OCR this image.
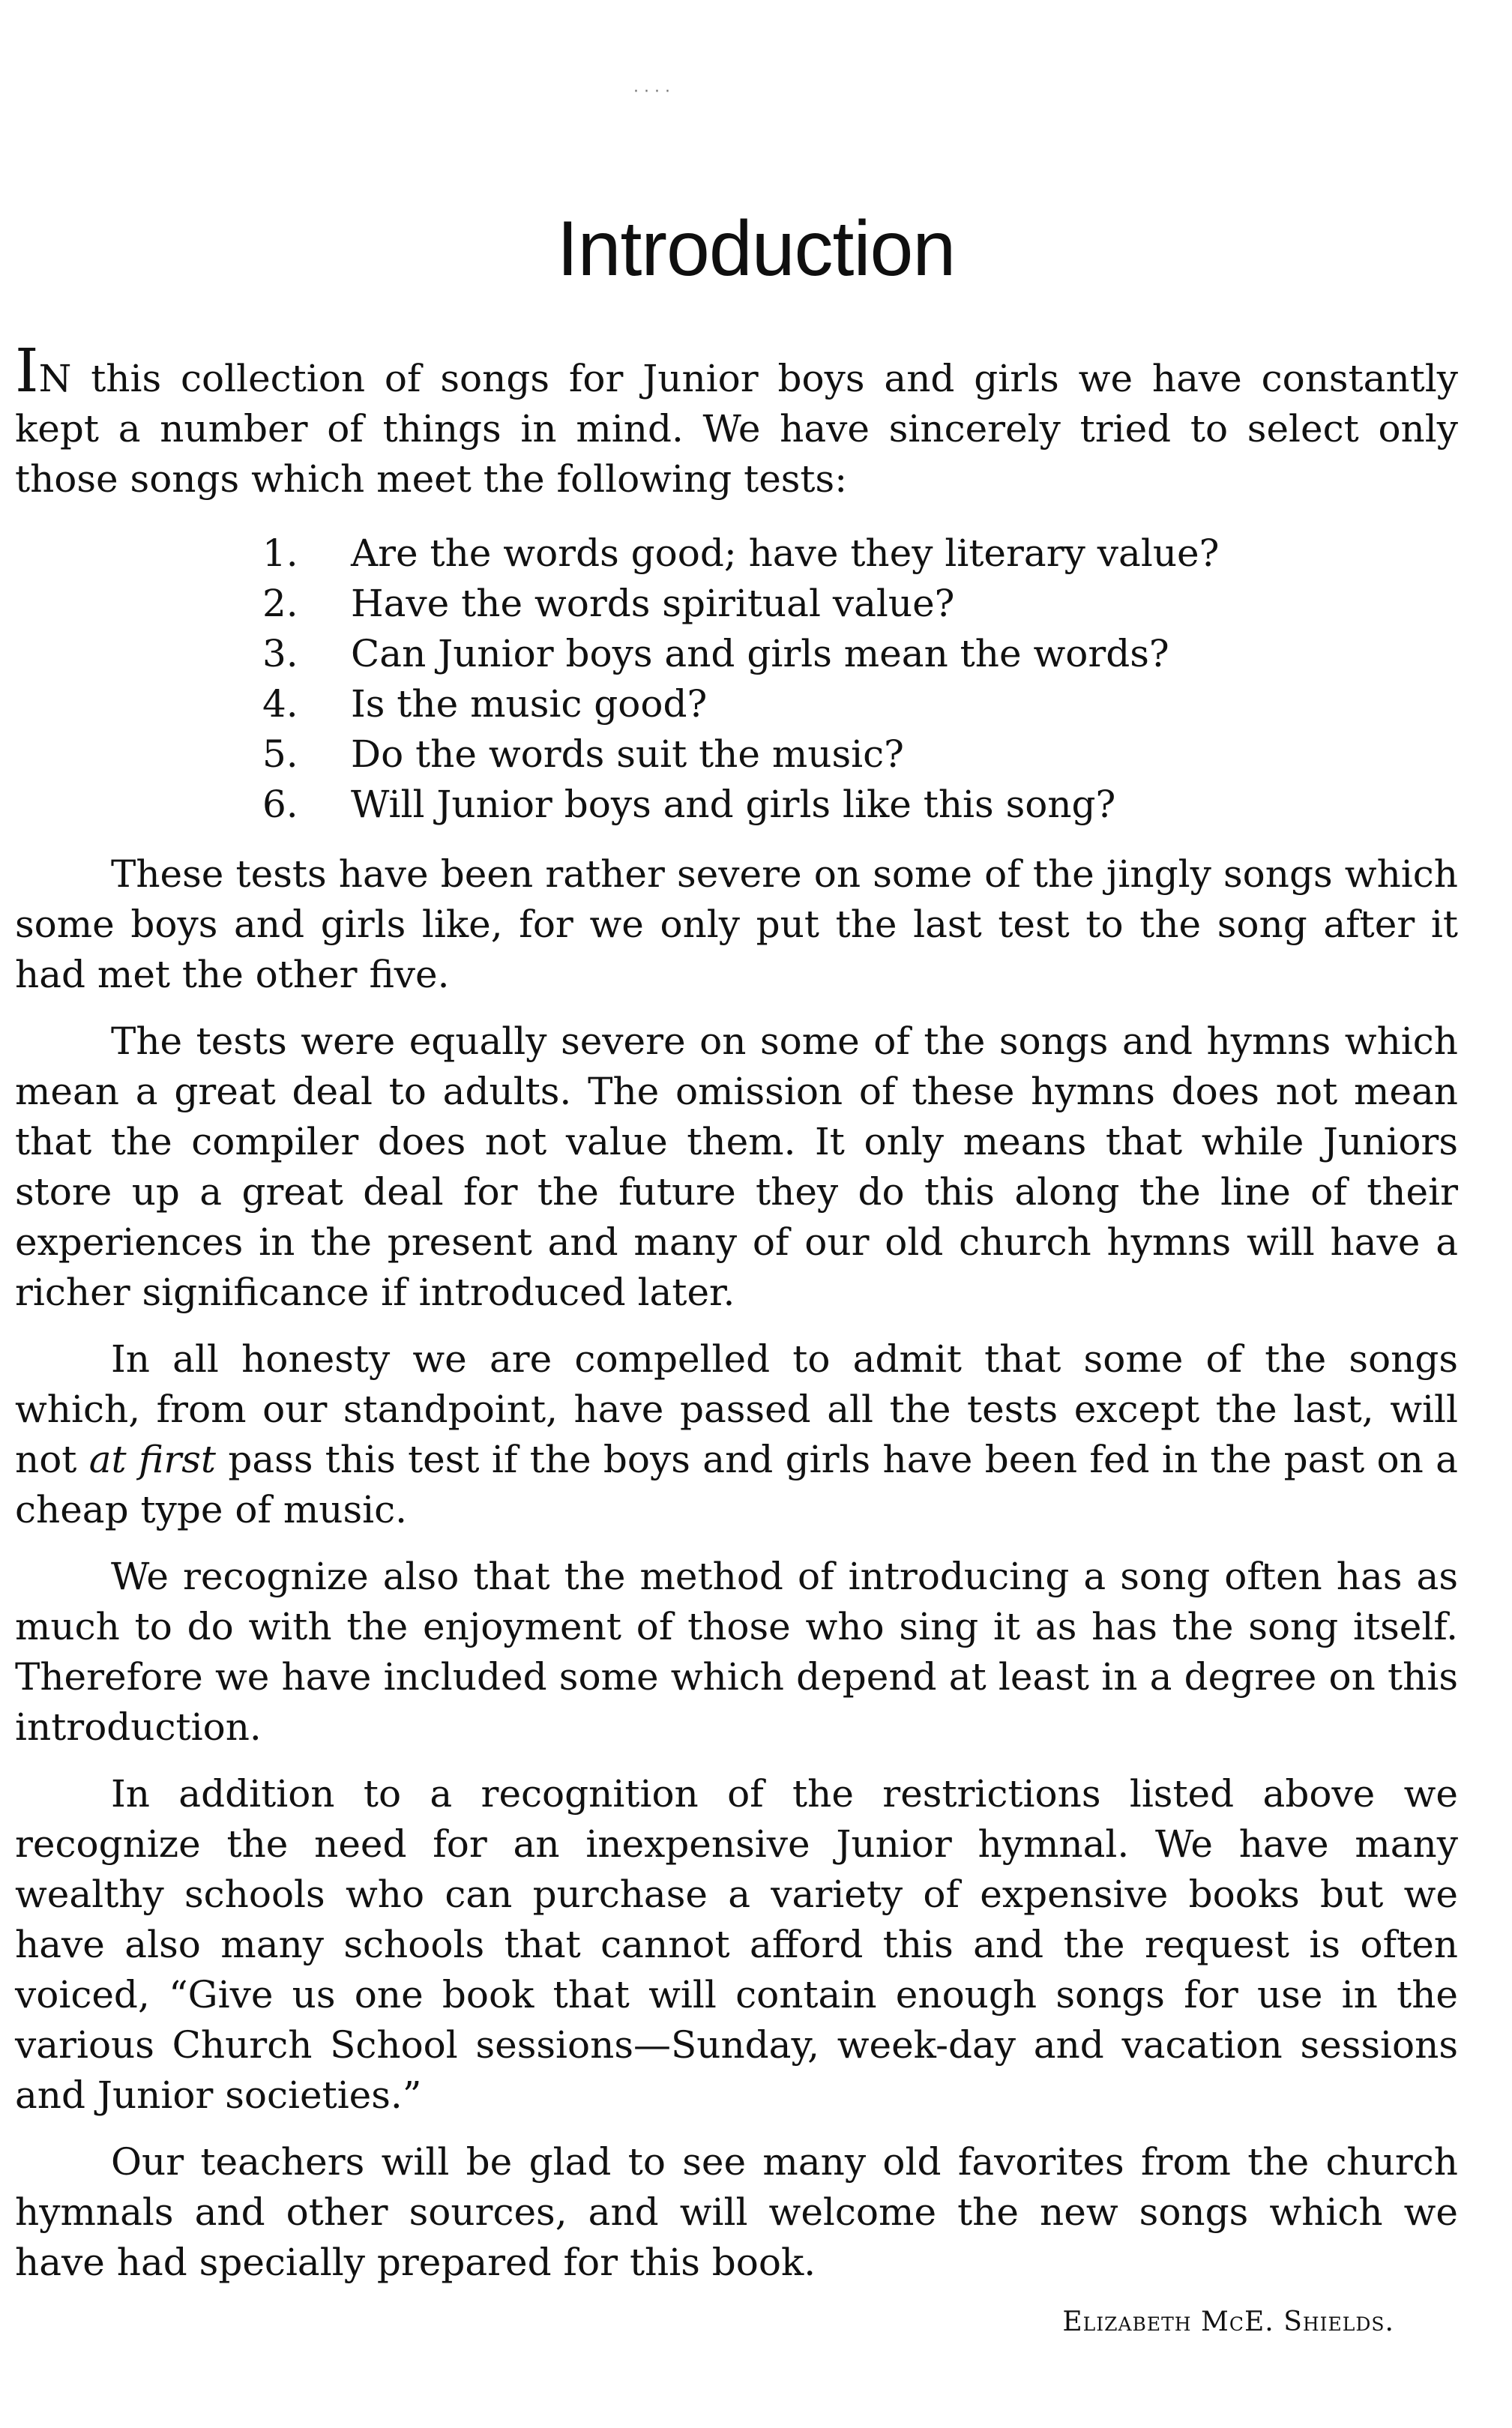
· · · ·
Introduction

IN this collection of songs for Junior boys and girls we have constantly kept a number of things in mind. We have sincerely tried to select only those songs which meet the following tests:

1.	Are the words good; have they literary value?
2.	Have the words spiritual value?
3.	Can Junior boys and girls mean the words?
4.	Is the music good?
5.	Do the words suit the music?
6.	Will Junior boys and girls like this song?

These tests have been rather severe on some of the jingly songs which some boys and girls like, for we only put the last test to the song after it had met the other five.

The tests were equally severe on some of the songs and hymns which mean a great deal to adults. The omission of these hymns does not mean that the compiler does not value them. It only means that while Juniors store up a great deal for the future they do this along the line of their experiences in the present and many of our old church hymns will have a richer significance if introduced later.

In all honesty we are compelled to admit that some of the songs which, from our standpoint, have passed all the tests except the last, will not at first pass this test if the boys and girls have been fed in the past on a cheap type of music.

We recognize also that the method of introducing a song often has as much to do with the enjoyment of those who sing it as has the song itself. Therefore we have included some which depend at least in a degree on this introduction.

In addition to a recognition of the restrictions listed above we recognize the need for an inexpensive Junior hymnal. We have many wealthy schools who can purchase a variety of expensive books but we have also many schools that cannot afford this and the request is often voiced, “Give us one book that will contain enough songs for use in the various Church School sessions—Sunday, week-day and vacation sessions and Junior societies.”

Our teachers will be glad to see many old favorites from the church hymnals and other sources, and will welcome the new songs which we have had specially prepared for this book.

Elizabeth McE. Shields.
